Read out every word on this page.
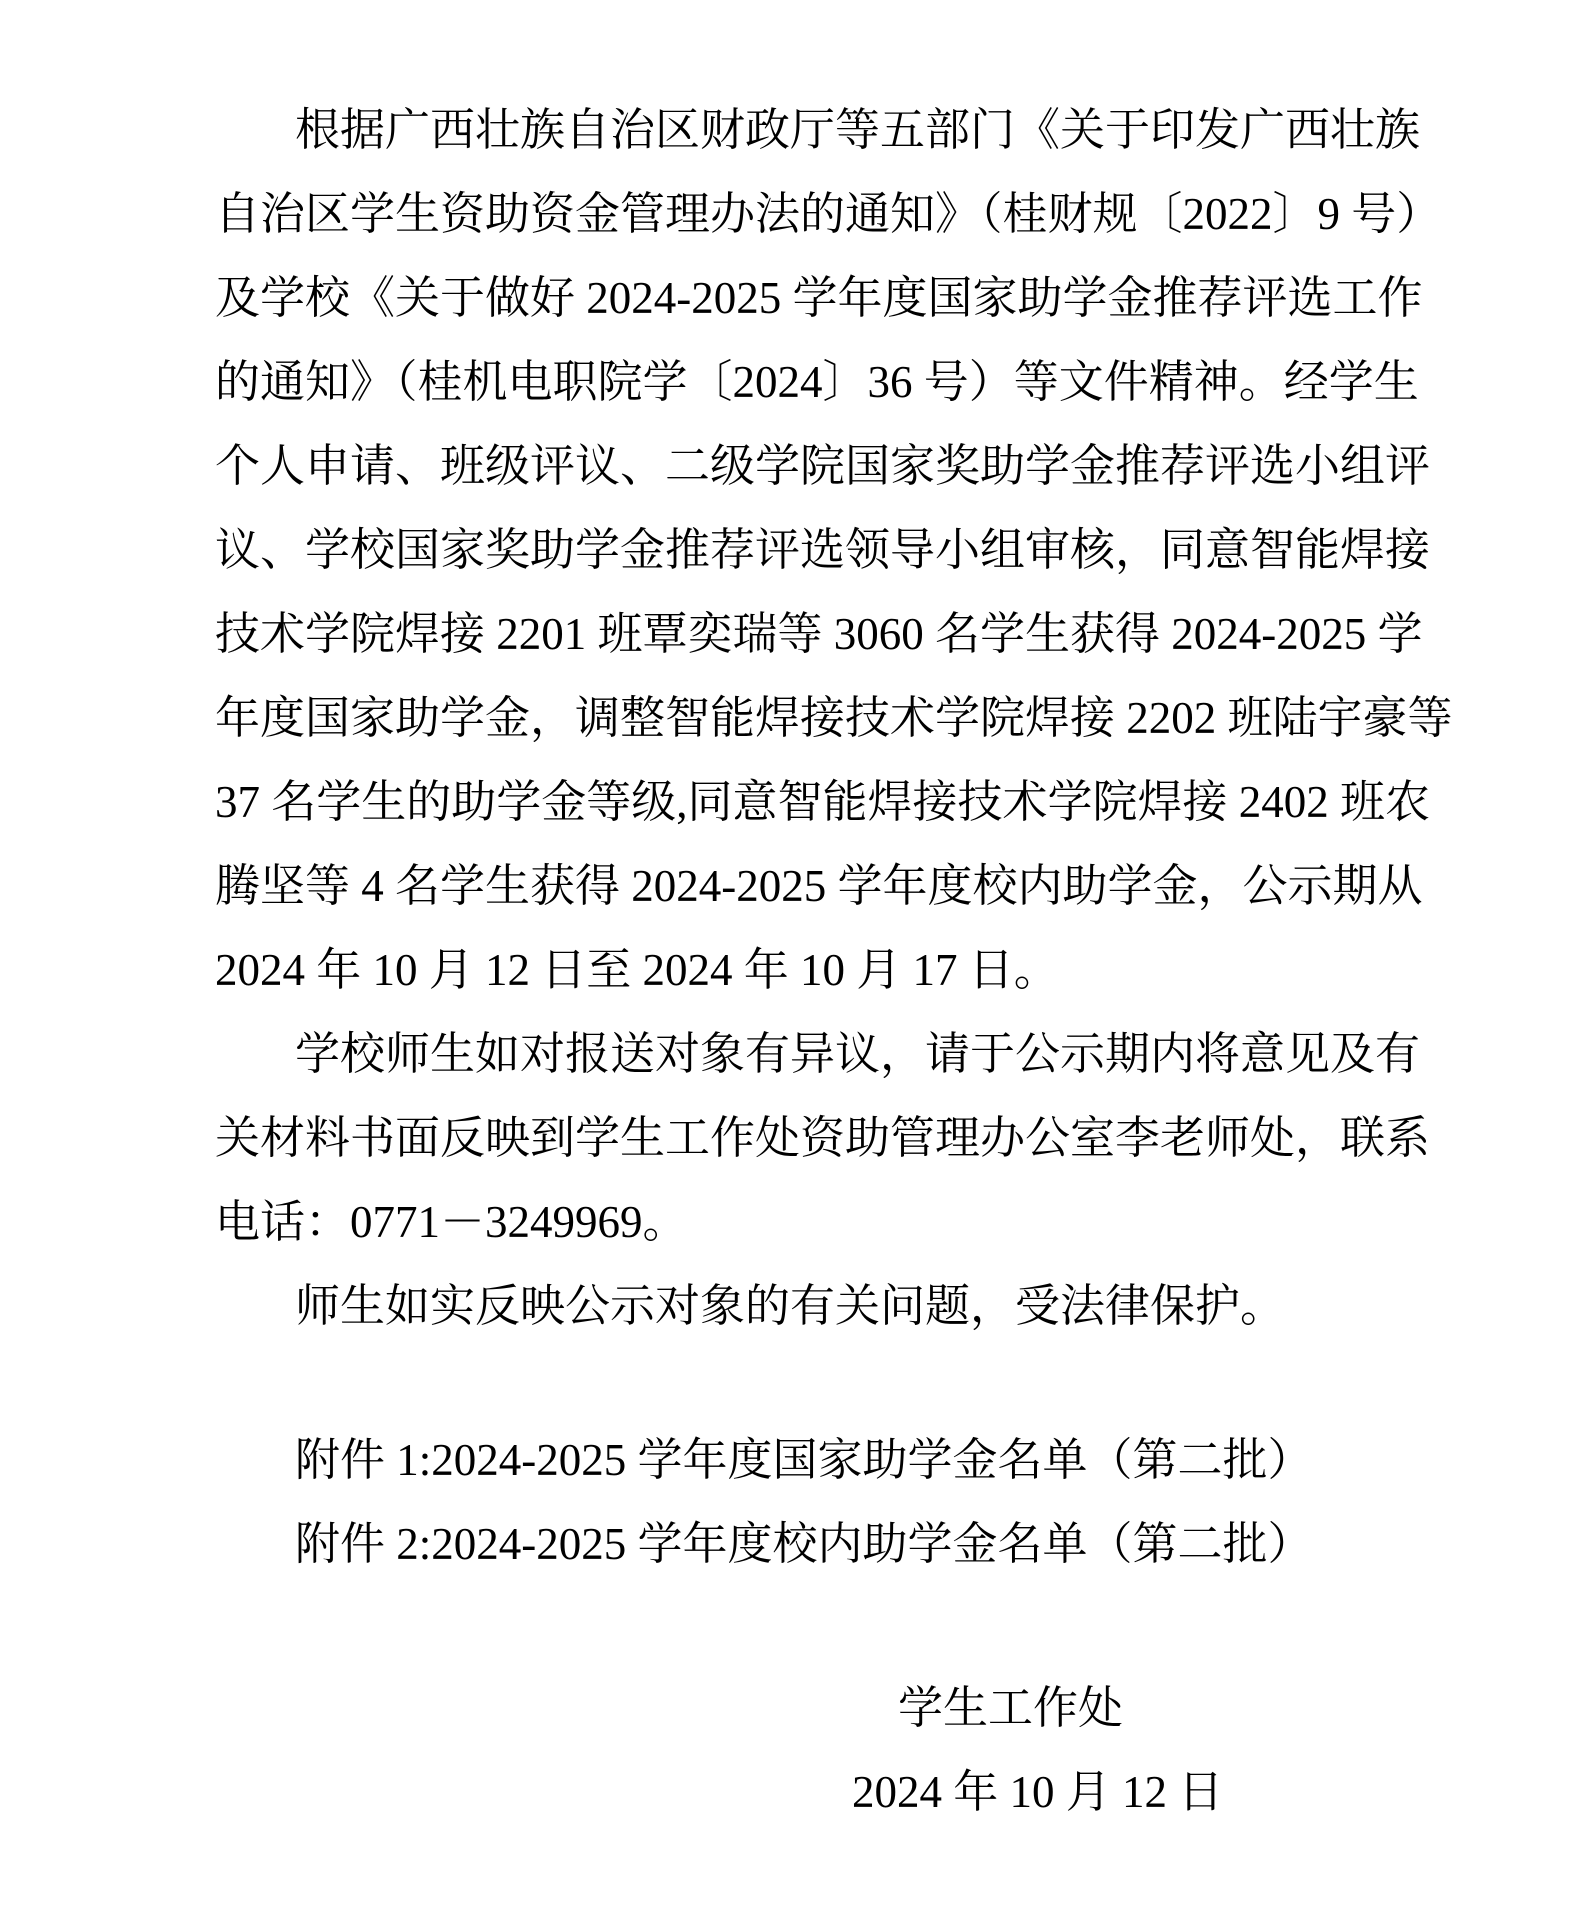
根据广西壮族自治区财政厅等五部门《关于印发广西壮族
自治区学生资助资金管理办法的通知》（桂财规〔2022〕9 号）
及学校《关于做好 2024-2025 学年度国家助学金推荐评选工作
的通知》（桂机电职院学〔2024〕36 号）等文件精神。经学生
个人申请、班级评议、二级学院国家奖助学金推荐评选小组评
议、学校国家奖助学金推荐评选领导小组审核，同意智能焊接
技术学院焊接 2201 班覃奕瑞等 3060 名学生获得 2024-2025 学
年度国家助学金，调整智能焊接技术学院焊接 2202 班陆宇豪等
37 名学生的助学金等级,同意智能焊接技术学院焊接 2402 班农
腾坚等 4 名学生获得 2024-2025 学年度校内助学金，公示期从
2024 年 10 月 12 日至 2024 年 10 月 17 日。
学校师生如对报送对象有异议，请于公示期内将意见及有
关材料书面反映到学生工作处资助管理办公室李老师处，联系
电话：0771－3249969。
师生如实反映公示对象的有关问题，受法律保护。
附件 1:2024-2025 学年度国家助学金名单（第二批）
附件 2:2024-2025 学年度校内助学金名单（第二批）
学生工作处
2024 年 10 月 12 日
